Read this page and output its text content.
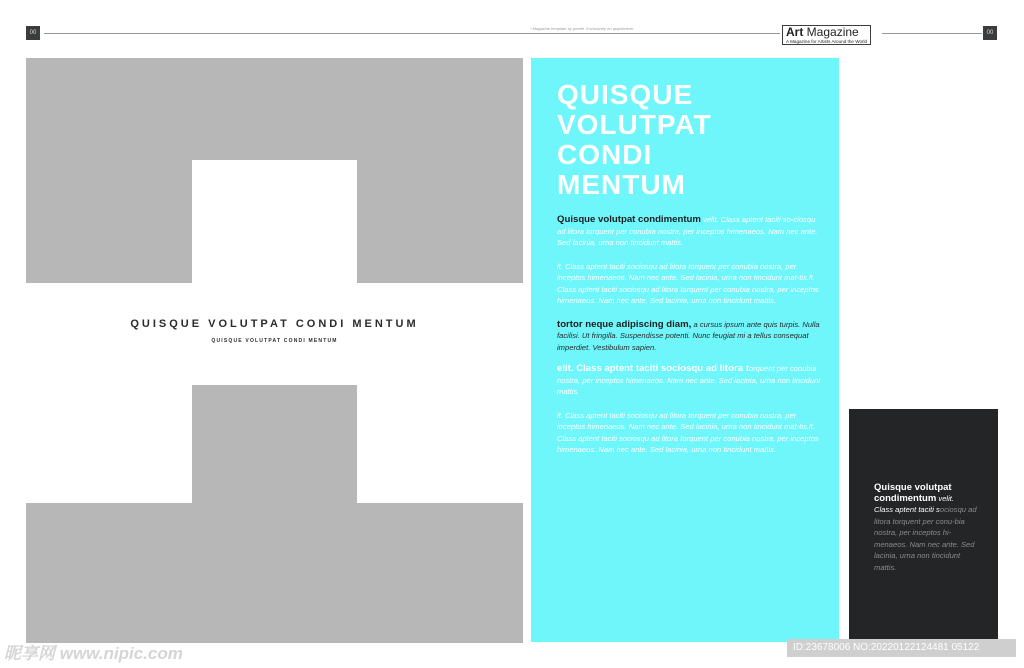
00
* Magazine template by pmeth. Exclusively on graphicriver	Art Magazine
A Magazine for Artists Around the World
00
QUISQUE VOLUTPAT CONDI MENTUM
QUISQUE VOLUTPAT CONDI MENTUM
QUISQUE
VOLUTPAT
CONDI
MENTUM

Quisque volutpat condimentum velit. Class aptent taciti so-ciosqu ad litora torquent per conubia nostra, per inceptos himenaeos. Nam nec ante. Sed lacinia, urna non tincidunt mattis.

lt. Class aptent taciti sociosqu ad litora torquent per conubia nostra, per inceptos himenaeos. Nam nec ante. Sed lacinia, urna non tincidunt mat-tis.lt. Class aptent taciti sociosqu ad litora torquent per conubia nostra, per inceptos himenaeos. Nam nec ante. Sed lacinia, urna non tincidunt mattis.

tortor neque adipiscing diam, a cursus ipsum ante quis turpis. Nulla facilisi. Ut fringilla. Suspendisse potenti. Nunc feugiat mi a tellus consequat imperdiet. Vestibulum sapien.

elit. Class aptent taciti sociosqu ad litora torquent per conubia nostra, per inceptos himenaeos. Nam nec ante. Sed lacinia, urna non tincidunt mattis.

lt. Class aptent taciti sociosqu ad litora torquent per conubia nostra, per inceptos himenaeos. Nam nec ante. Sed lacinia, urna non tincidunt mat-tis.lt. Class aptent taciti sociosqu ad litora torquent per conubia nostra, per inceptos himenaeos. Nam nec ante. Sed lacinia, urna non tincidunt mattis.

Quisque volutpat condimentum velit.

Class aptent taciti sociosqu ad litora torquent per conu-bia nostra, per inceptos hi-menaeos. Nam nec ante. Sed lacinia, urna non tincidunt mattis.

昵享网 www.nipic.com	ID:23678006 NO:20220122124481 05122
